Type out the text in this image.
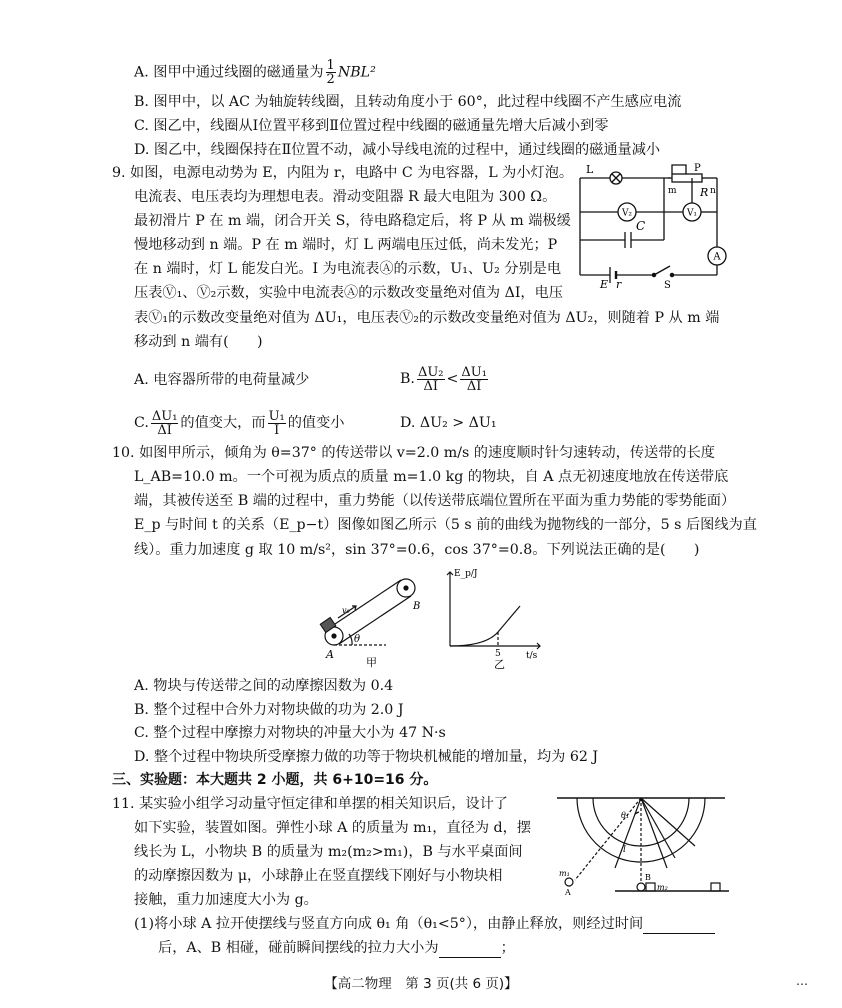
A. 图甲中通过线圈的磁通量为 $\frac{1}{2} NBL^2$
B. 图甲中，以 AC 为轴旋转线圈，且转动角度小于 60°，此过程中线圈不产生感应电流
C. 图乙中，线圈从Ⅰ位置平移到Ⅱ位置过程中线圈的磁通量先增大后减小到零
D. 图乙中，线圈保持在Ⅱ位置不动，减小导线电流的过程中，通过线圈的磁通量减小
9. 如图，电源电动势为 E，内阻为 r，电路中 C 为电容器，L 为小灯泡。
电流表、电压表均为理想电表。滑动变阻器 R 最大电阻为 300 Ω。
最初滑片 P 在 m 端，闭合开关 S，待电路稳定后，将 P 从 m 端极缓
慢地移动到 n 端。P 在 m 端时，灯 L 两端电压过低，尚未发光；P
在 n 端时，灯 L 能发白光。I 为电流表Ⓐ的示数，U₁、U₂ 分别是电
压表Ⓥ₁、Ⓥ₂示数，实验中电流表Ⓐ的示数改变量绝对值为 ΔI，电压
表Ⓥ₁的示数改变量绝对值为 ΔU₁，电压表Ⓥ₂的示数改变量绝对值为 ΔU₂，则随着 P 从 m 端
移动到 n 端有(　　)
L	P
m R n
V₂	V₁
C
A
E r	S
A. 电容器所带的电荷量减少	B. $\frac{\text{ΔU₂}}{\Delta I} < \frac{\text{ΔU₁}}{\Delta I}$
C. $\frac{\text{ΔU₁}}{\Delta I}$ 的值变大，而 $\frac{\text{U₁}}{I}$ 的值变小	D. ΔU₂ > ΔU₁
10. 如图甲所示，倾角为 θ=37° 的传送带以 v=2.0 m/s 的速度顺时针匀速转动，传送带的长度
L_AB=10.0 m。一个可视为质点的质量 m=1.0 kg 的物块，自 A 点无初速度地放在传送带底
端，其被传送至 B 端的过程中，重力势能（以传送带底端位置所在平面为重力势能的零势能面）
E_p 与时间 t 的关系（E_p−t）图像如图乙所示（5 s 前的曲线为抛物线的一部分，5 s 后图线为直
线）。重力加速度 g 取 10 m/s²，sin 37°=0.6，cos 37°=0.8。下列说法正确的是(　　)
v₀	B
θ
A
甲
E_p/J
5	t/s
乙
A. 物块与传送带之间的动摩擦因数为 0.4
B. 整个过程中合外力对物块做的功为 2.0 J
C. 整个过程中摩擦力对物块的冲量大小为 47 N·s
D. 整个过程中物块所受摩擦力做的功等于物块机械能的增加量，均为 62 J
三、实验题：本大题共 2 小题，共 6+10=16 分。
11. 某实验小组学习动量守恒定律和单摆的相关知识后，设计了
如下实验，装置如图。弹性小球 A 的质量为 m₁，直径为 d，摆
线长为 L，小物块 B 的质量为 m₂(m₂>m₁)，B 与水平桌面间
的动摩擦因数为 μ，小球静止在竖直摆线下刚好与小物块相
接触，重力加速度大小为 g。
(1)将小球 A 拉开使摆线与竖直方向成 θ₁ 角（θ₁<5°），由静止释放，则经过时间
后，A、B 相碰，碰前瞬间摆线的拉力大小为	；
θ₁
l
m₁
A
B
m₂
【高二物理　第 3 页(共 6 页)】	…
